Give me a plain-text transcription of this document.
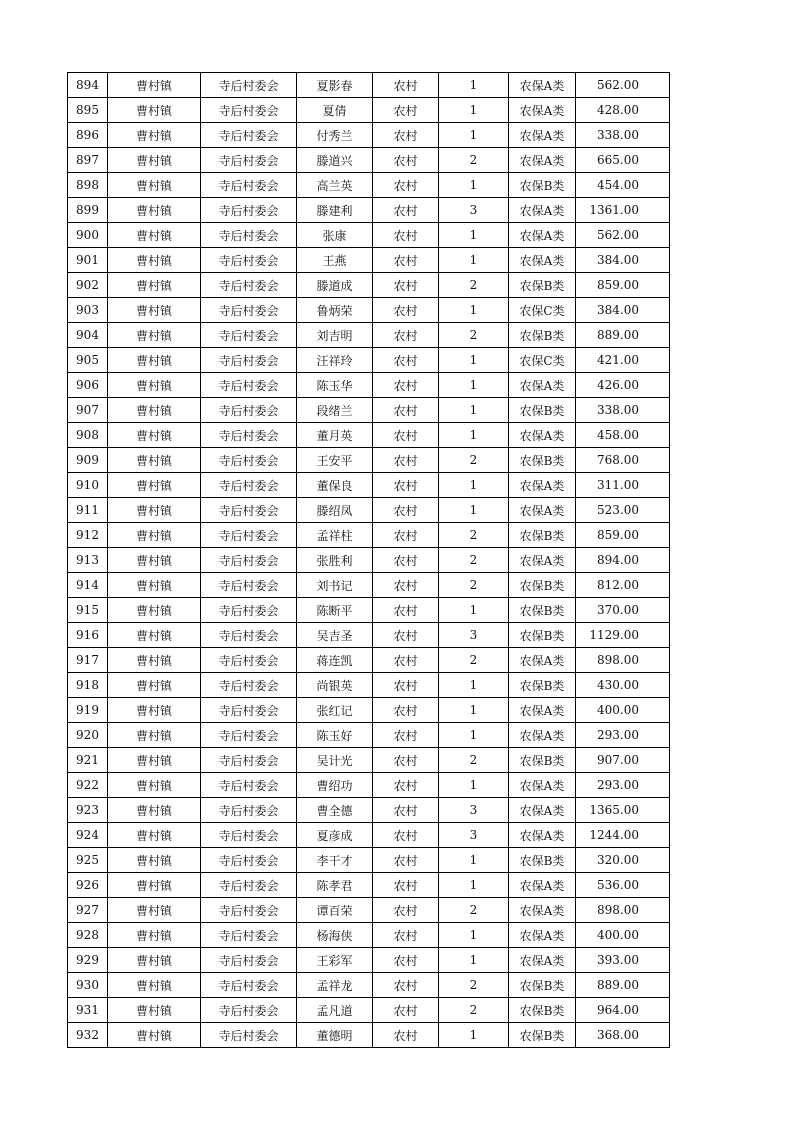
894	曹村镇	寺后村委会	夏影春	农村	1	农保A类	562.00
895	曹村镇	寺后村委会	夏倩	农村	1	农保A类	428.00
896	曹村镇	寺后村委会	付秀兰	农村	1	农保A类	338.00
897	曹村镇	寺后村委会	滕道兴	农村	2	农保A类	665.00
898	曹村镇	寺后村委会	高兰英	农村	1	农保B类	454.00
899	曹村镇	寺后村委会	滕建利	农村	3	农保A类	1361.00
900	曹村镇	寺后村委会	张康	农村	1	农保A类	562.00
901	曹村镇	寺后村委会	王燕	农村	1	农保A类	384.00
902	曹村镇	寺后村委会	滕道成	农村	2	农保B类	859.00
903	曹村镇	寺后村委会	鲁炳荣	农村	1	农保C类	384.00
904	曹村镇	寺后村委会	刘吉明	农村	2	农保B类	889.00
905	曹村镇	寺后村委会	汪祥玲	农村	1	农保C类	421.00
906	曹村镇	寺后村委会	陈玉华	农村	1	农保A类	426.00
907	曹村镇	寺后村委会	段绪兰	农村	1	农保B类	338.00
908	曹村镇	寺后村委会	董月英	农村	1	农保A类	458.00
909	曹村镇	寺后村委会	王安平	农村	2	农保B类	768.00
910	曹村镇	寺后村委会	董保良	农村	1	农保A类	311.00
911	曹村镇	寺后村委会	滕绍凤	农村	1	农保A类	523.00
912	曹村镇	寺后村委会	孟祥柱	农村	2	农保B类	859.00
913	曹村镇	寺后村委会	张胜利	农村	2	农保A类	894.00
914	曹村镇	寺后村委会	刘书记	农村	2	农保B类	812.00
915	曹村镇	寺后村委会	陈断平	农村	1	农保B类	370.00
916	曹村镇	寺后村委会	吴吉圣	农村	3	农保B类	1129.00
917	曹村镇	寺后村委会	蒋连凯	农村	2	农保A类	898.00
918	曹村镇	寺后村委会	尚银英	农村	1	农保B类	430.00
919	曹村镇	寺后村委会	张红记	农村	1	农保A类	400.00
920	曹村镇	寺后村委会	陈玉好	农村	1	农保A类	293.00
921	曹村镇	寺后村委会	吴计光	农村	2	农保B类	907.00
922	曹村镇	寺后村委会	曹绍功	农村	1	农保A类	293.00
923	曹村镇	寺后村委会	曹全德	农村	3	农保A类	1365.00
924	曹村镇	寺后村委会	夏彦成	农村	3	农保A类	1244.00
925	曹村镇	寺后村委会	李干才	农村	1	农保B类	320.00
926	曹村镇	寺后村委会	陈孝君	农村	1	农保A类	536.00
927	曹村镇	寺后村委会	谭百荣	农村	2	农保A类	898.00
928	曹村镇	寺后村委会	杨海侠	农村	1	农保A类	400.00
929	曹村镇	寺后村委会	王彩军	农村	1	农保A类	393.00
930	曹村镇	寺后村委会	孟祥龙	农村	2	农保B类	889.00
931	曹村镇	寺后村委会	孟凡道	农村	2	农保B类	964.00
932	曹村镇	寺后村委会	董德明	农村	1	农保B类	368.00
